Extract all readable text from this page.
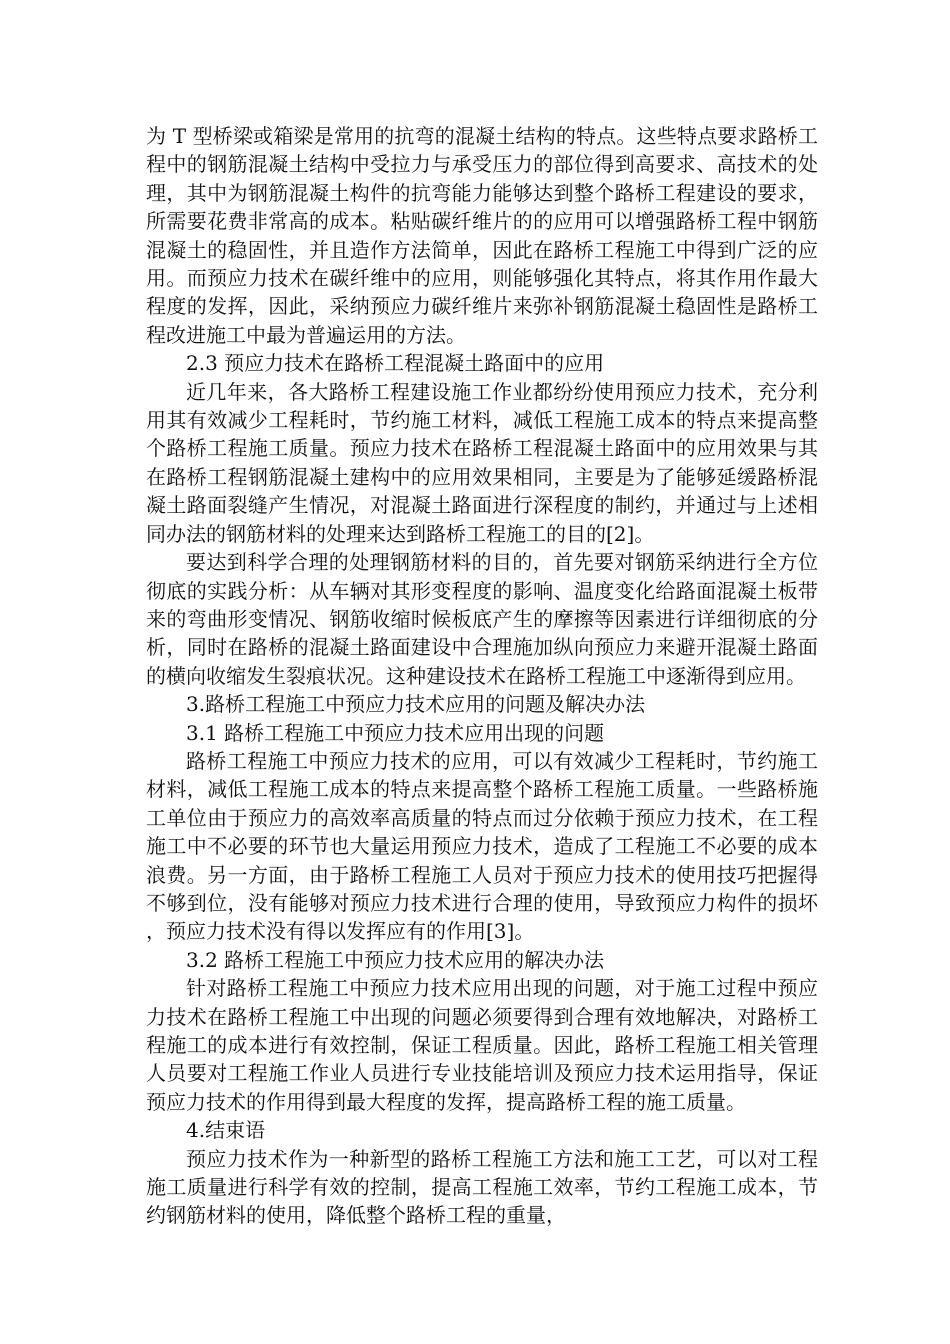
为 T 型桥梁或箱梁是常用的抗弯的混凝土结构的特点。这些特点要求路桥工程中的钢筋混凝土结构中受拉力与承受压力的部位得到高要求、高技术的处理，其中为钢筋混凝土构件的抗弯能力能够达到整个路桥工程建设的要求，所需要花费非常高的成本。粘贴碳纤维片的的应用可以增强路桥工程中钢筋混凝土的稳固性，并且造作方法简单，因此在路桥工程施工中得到广泛的应用。而预应力技术在碳纤维中的应用，则能够强化其特点，将其作用作最大程度的发挥，因此，采纳预应力碳纤维片来弥补钢筋混凝土稳固性是路桥工程改进施工中最为普遍运用的方法。

2.3 预应力技术在路桥工程混凝土路面中的应用

近几年来，各大路桥工程建设施工作业都纷纷使用预应力技术，充分利用其有效减少工程耗时，节约施工材料，减低工程施工成本的特点来提高整个路桥工程施工质量。预应力技术在路桥工程混凝土路面中的应用效果与其在路桥工程钢筋混凝土建构中的应用效果相同，主要是为了能够延缓路桥混凝土路面裂缝产生情况，对混凝土路面进行深程度的制约，并通过与上述相同办法的钢筋材料的处理来达到路桥工程施工的目的[2]。

要达到科学合理的处理钢筋材料的目的，首先要对钢筋采纳进行全方位彻底的实践分析：从车辆对其形变程度的影响、温度变化给路面混凝土板带来的弯曲形变情况、钢筋收缩时候板底产生的摩擦等因素进行详细彻底的分析，同时在路桥的混凝土路面建设中合理施加纵向预应力来避开混凝土路面的横向收缩发生裂痕状况。这种建设技术在路桥工程施工中逐渐得到应用。

3.路桥工程施工中预应力技术应用的问题及解决办法

3.1 路桥工程施工中预应力技术应用出现的问题

路桥工程施工中预应力技术的应用，可以有效减少工程耗时，节约施工材料，减低工程施工成本的特点来提高整个路桥工程施工质量。一些路桥施工单位由于预应力的高效率高质量的特点而过分依赖于预应力技术，在工程施工中不必要的环节也大量运用预应力技术，造成了工程施工不必要的成本浪费。另一方面，由于路桥工程施工人员对于预应力技术的使用技巧把握得不够到位，没有能够对预应力技术进行合理的使用，导致预应力构件的损坏，预应力技术没有得以发挥应有的作用[3]。

3.2 路桥工程施工中预应力技术应用的解决办法

针对路桥工程施工中预应力技术应用出现的问题，对于施工过程中预应力技术在路桥工程施工中出现的问题必须要得到合理有效地解决，对路桥工程施工的成本进行有效控制，保证工程质量。因此，路桥工程施工相关管理人员要对工程施工作业人员进行专业技能培训及预应力技术运用指导，保证预应力技术的作用得到最大程度的发挥，提高路桥工程的施工质量。

4.结束语

预应力技术作为一种新型的路桥工程施工方法和施工工艺，可以对工程施工质量进行科学有效的控制，提高工程施工效率，节约工程施工成本，节约钢筋材料的使用，降低整个路桥工程的重量，
